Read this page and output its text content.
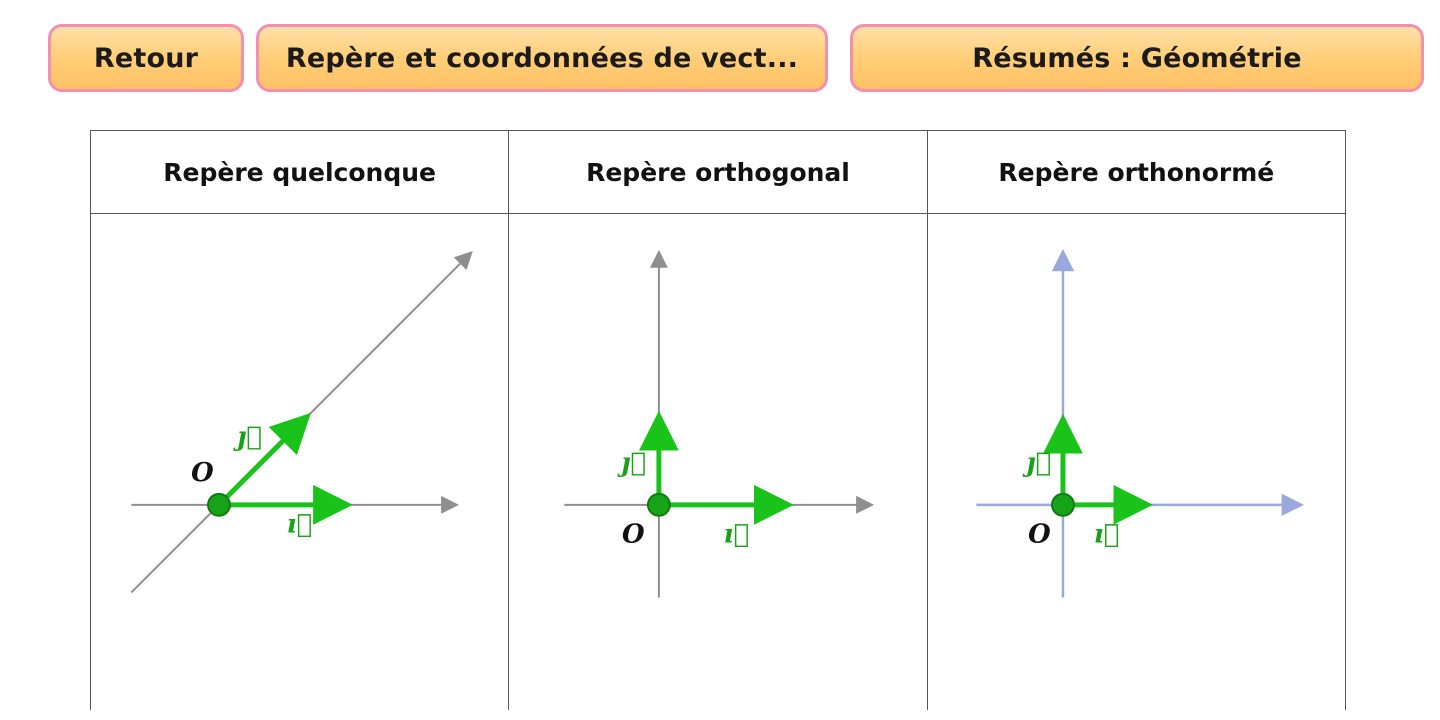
Retour	Repère et coordonnées de vect...	Résumés : Géométrie
Repère quelconque	Repère orthogonal	Repère orthonormé
O
ı⃗
ȷ⃗
O	ı⃗
ȷ⃗
O ı⃗
ȷ⃗
